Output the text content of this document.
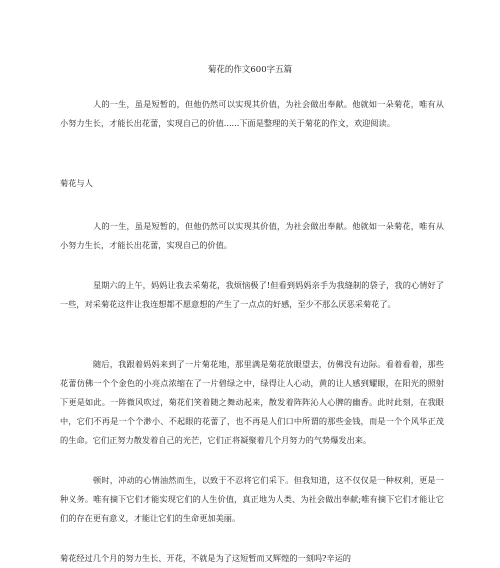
菊花的作文600字五篇

人的一生，虽是短暂的，但他仍然可以实现其价值，为社会做出奉献。他就如一朵菊花，唯有从小努力生长，才能长出花蕾，实现自己的价值......下面是整理的关于菊花的作文，欢迎阅读。

菊花与人

人的一生，虽是短暂的，但他仍然可以实现其价值，为社会做出奉献。他就如一朵菊花，唯有从小努力生长，才能长出花蕾，实现自己的价值。

星期六的上午，妈妈让我去采菊花，我烦恼极了!但看到妈妈亲手为我缝制的袋子，我的心情好了一些，对采菊花这件让我连想都不愿意想的产生了一点点的好感，至少不那么厌恶采菊花了。

随后，我跟着妈妈来到了一片菊花地，那里满是菊花放眼望去，仿佛没有边际。看着看着，那些花蕾仿佛一个个金色的小亮点浓缩在了一片碧绿之中，绿得让人心动，黄的让人感到耀眼，在阳光的照射下更是如此。一阵微风吹过，菊花们笑着随之舞动起来，散发着阵阵沁人心脾的幽香。此时此刻，在我眼中，它们不再是一个个渺小、不起眼的花蕾了，也不再是人们口中所谓的那些金钱，而是一个个风华正茂的生命。它们正努力散发着自己的光芒，它们正将凝聚着几个月努力的气势爆发出来。

顿时，冲动的心情油然而生，以致于不忍将它们采下。但我知道，这不仅仅是一种权利，更是一种义务。唯有摘下它们才能实现它们的人生价值，真正地为人类、为社会做出奉献;唯有摘下它们才能让它们的存在更有意义，才能让它们的生命更加美丽。

菊花经过几个月的努力生长、开花，不就是为了这短暂而又辉煌的一刻吗?辛运的
